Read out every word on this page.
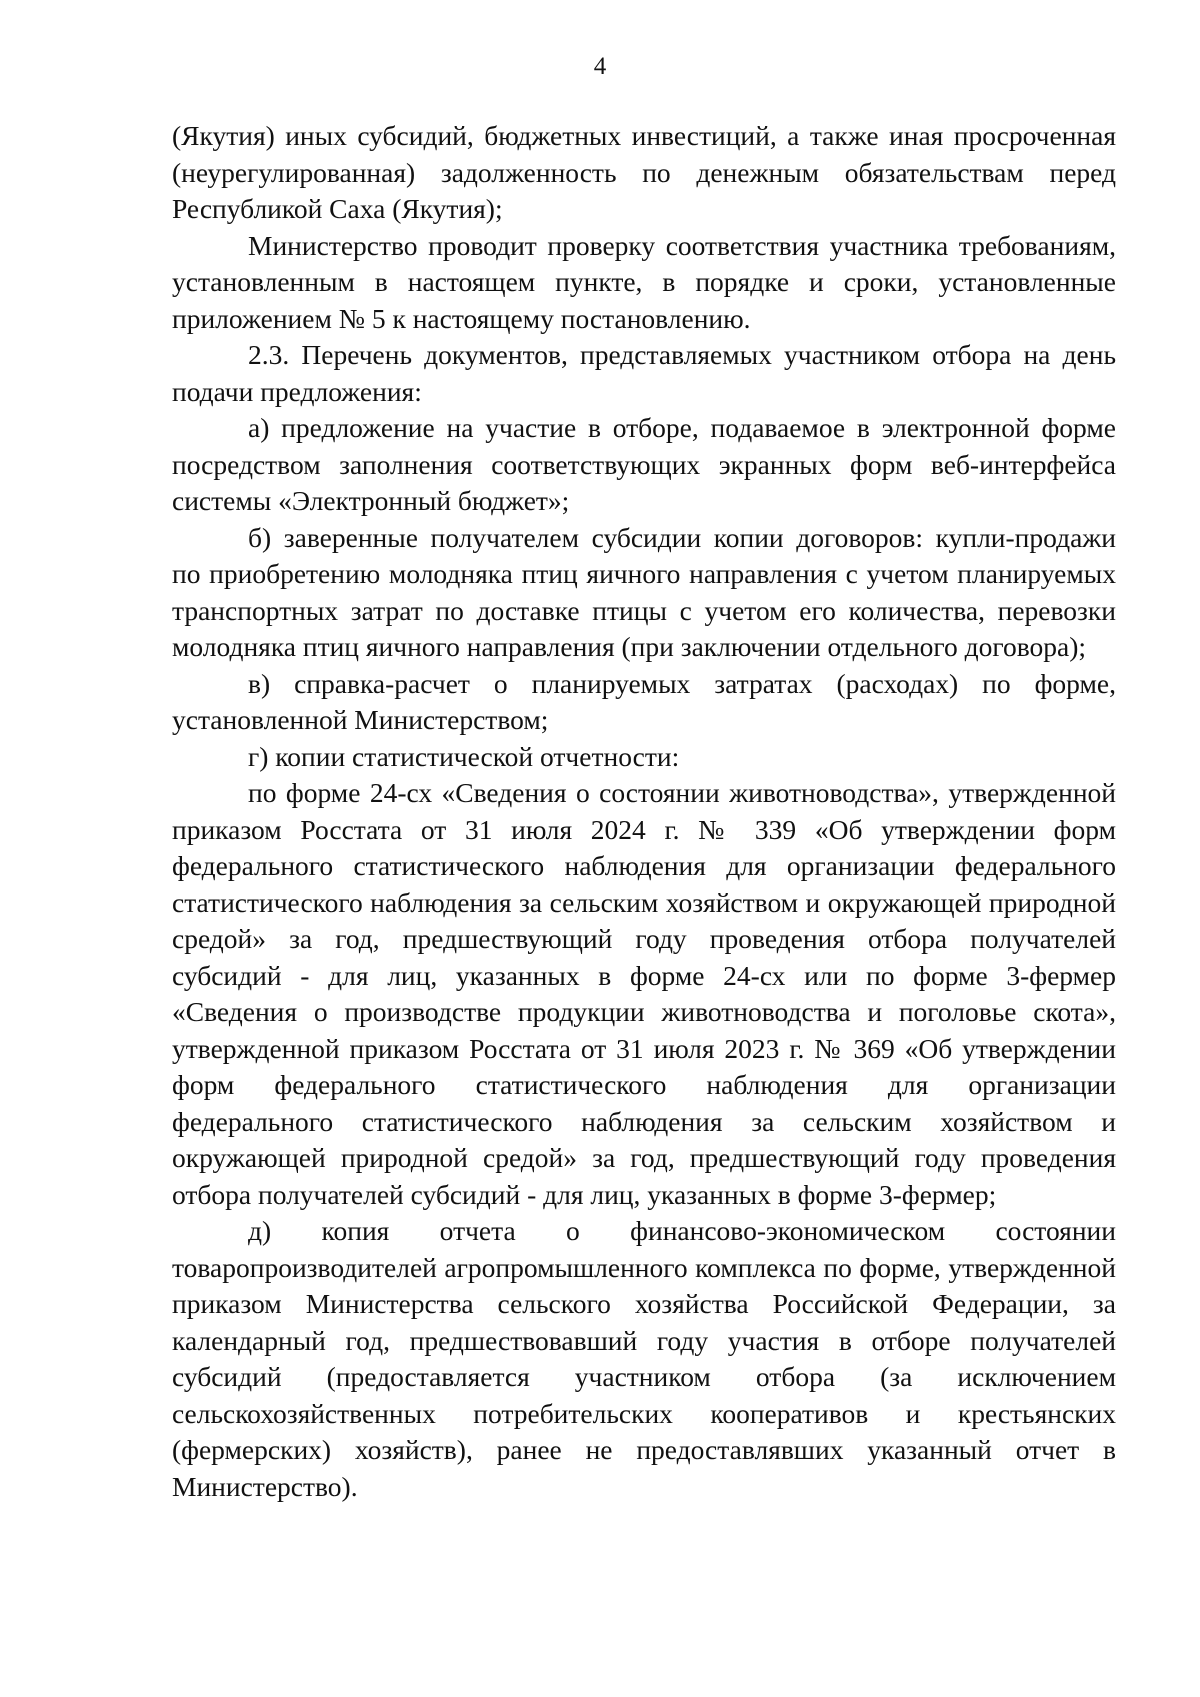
4

(Якутия) иных субсидий, бюджетных инвестиций, а также иная просроченная (неурегулированная) задолженность по денежным обязательствам перед Республикой Саха (Якутия);

Министерство проводит проверку соответствия участника требованиям, установленным в настоящем пункте, в порядке и сроки, установленные приложением № 5 к настоящему постановлению.

2.3. Перечень документов, представляемых участником отбора на день подачи предложения:

а) предложение на участие в отборе, подаваемое в электронной форме посредством заполнения соответствующих экранных форм веб-интерфейса системы «Электронный бюджет»;

б) заверенные получателем субсидии копии договоров: купли-продажи по приобретению молодняка птиц яичного направления с учетом планируемых транспортных затрат по доставке птицы с учетом его количества, перевозки молодняка птиц яичного направления (при заключении отдельного договора);

в) справка-расчет о планируемых затратах (расходах) по форме, установленной Министерством;

г) копии статистической отчетности:

по форме 24-сх «Сведения о состоянии животноводства», утвержденной приказом Росстата от 31 июля 2024 г. № 339 «Об утверждении форм федерального статистического наблюдения для организации федерального статистического наблюдения за сельским хозяйством и окружающей природной средой» за год, предшествующий году проведения отбора получателей субсидий - для лиц, указанных в форме 24-сх или по форме 3-фермер «Сведения о производстве продукции животноводства и поголовье скота», утвержденной приказом Росстата от 31 июля 2023 г. № 369 «Об утверждении форм федерального статистического наблюдения для организации федерального статистического наблюдения за сельским хозяйством и окружающей природной средой» за год, предшествующий году проведения отбора получателей субсидий - для лиц, указанных в форме 3-фермер;

д) копия отчета о финансово-экономическом состоянии товаропроизводителей агропромышленного комплекса по форме, утвержденной приказом Министерства сельского хозяйства Российской Федерации, за календарный год, предшествовавший году участия в отборе получателей субсидий (предоставляется участником отбора (за исключением сельскохозяйственных потребительских кооперативов и крестьянских (фермерских) хозяйств), ранее не предоставлявших указанный отчет в Министерство).
